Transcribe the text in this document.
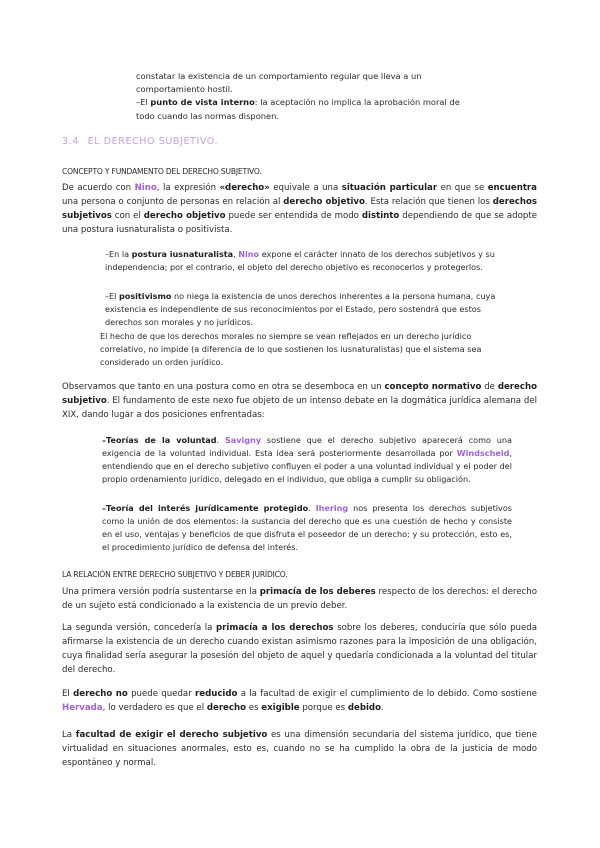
constatar la existencia de un comportamiento regular que lleva a un
comportamiento hostil.
–El punto de vista interno: la aceptación no implica la aprobación moral de
todo cuando las normas disponen.

3.4 EL DERECHO SUBJETIVO.

CONCEPTO Y FUNDAMENTO DEL DERECHO SUBJETIVO.

De acuerdo con Nino, la expresión «derecho» equivale a una situación particular en que se encuentra una persona o conjunto de personas en relación al derecho objetivo. Esta relación que tienen los derechos subjetivos con el derecho objetivo puede ser entendida de modo distinto dependiendo de que se adopte una postura iusnaturalista o positivista.

–En la postura iusnaturalista, Nino expone el carácter innato de los derechos subjetivos y su independencia; por el contrario, el objeto del derecho objetivo es reconocerlos y protegerlos.

–El positivismo no niega la existencia de unos derechos inherentes a la persona humana, cuya existencia es independiente de sus reconocimientos por el Estado, pero sostendrá que estos derechos son morales y no jurídicos.

El hecho de que los derechos morales no siempre se vean reflejados en un derecho jurídico correlativo, no impide (a diferencia de lo que sostienen los iusnaturalistas) que el sistema sea considerado un orden jurídico.

Observamos que tanto en una postura como en otra se desemboca en un concepto normativo de derecho subjetivo. El fundamento de este nexo fue objeto de un intenso debate en la dogmática jurídica alemana del XIX, dando lugar a dos posiciones enfrentadas:

–Teorías de la voluntad. Savigny sostiene que el derecho subjetivo aparecerá como una exigencia de la voluntad individual. Esta idea será posteriormente desarrollada por Windscheid, entendiendo que en el derecho subjetivo confluyen el poder a una voluntad individual y el poder del propio ordenamiento jurídico, delegado en el individuo, que obliga a cumplir su obligación.

–Teoría del interés jurídicamente protegido. Ihering nos presenta los derechos subjetivos como la unión de dos elementos: la sustancia del derecho que es una cuestión de hecho y consiste en el uso, ventajas y beneficios de que disfruta el poseedor de un derecho; y su protección, esto es, el procedimiento jurídico de defensa del interés.

LA RELACIÓN ENTRE DERECHO SUBJETIVO Y DEBER JURÍDICO.

Una primera versión podría sustentarse en la primacía de los deberes respecto de los derechos: el derecho de un sujeto está condicionado a la existencia de un previo deber.

La segunda versión, concedería la primacía a los derechos sobre los deberes, conduciría que sólo pueda afirmarse la existencia de un derecho cuando existan asimismo razones para la imposición de una obligación, cuya finalidad sería asegurar la posesión del objeto de aquel y quedaría condicionada a la voluntad del titular del derecho.

El derecho no puede quedar reducido a la facultad de exigir el cumplimiento de lo debido. Como sostiene Hervada, lo verdadero es que el derecho es exigible porque es debido.

La facultad de exigir el derecho subjetivo es una dimensión secundaria del sistema jurídico, que tiene virtualidad en situaciones anormales, esto es, cuando no se ha cumplido la obra de la justicia de modo espontáneo y normal.
